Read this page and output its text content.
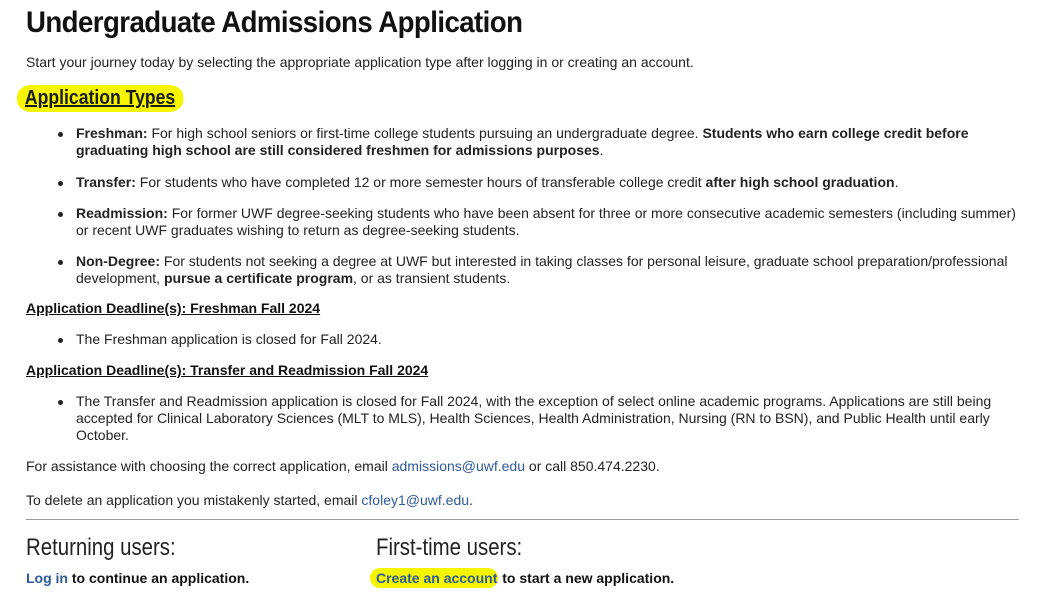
Undergraduate Admissions Application
Start your journey today by selecting the appropriate application type after logging in or creating an account.
Application Types
Freshman: For high school seniors or first-time college students pursuing an undergraduate degree. Students who earn college credit before graduating high school are still considered freshmen for admissions purposes.
Transfer: For students who have completed 12 or more semester hours of transferable college credit after high school graduation.
Readmission: For former UWF degree-seeking students who have been absent for three or more consecutive academic semesters (including summer) or recent UWF graduates wishing to return as degree-seeking students.
Non-Degree: For students not seeking a degree at UWF but interested in taking classes for personal leisure, graduate school preparation/professional development, pursue a certificate program, or as transient students.
Application Deadline(s): Freshman Fall 2024
The Freshman application is closed for Fall 2024.
Application Deadline(s): Transfer and Readmission Fall 2024
The Transfer and Readmission application is closed for Fall 2024, with the exception of select online academic programs. Applications are still being accepted for Clinical Laboratory Sciences (MLT to MLS), Health Sciences, Health Administration, Nursing (RN to BSN), and Public Health until early October.
For assistance with choosing the correct application, email admissions@uwf.edu or call 850.474.2230.
To delete an application you mistakenly started, email cfoley1@uwf.edu.
Returning users:
Log in to continue an application.
First-time users:
Create an account to start a new application.
